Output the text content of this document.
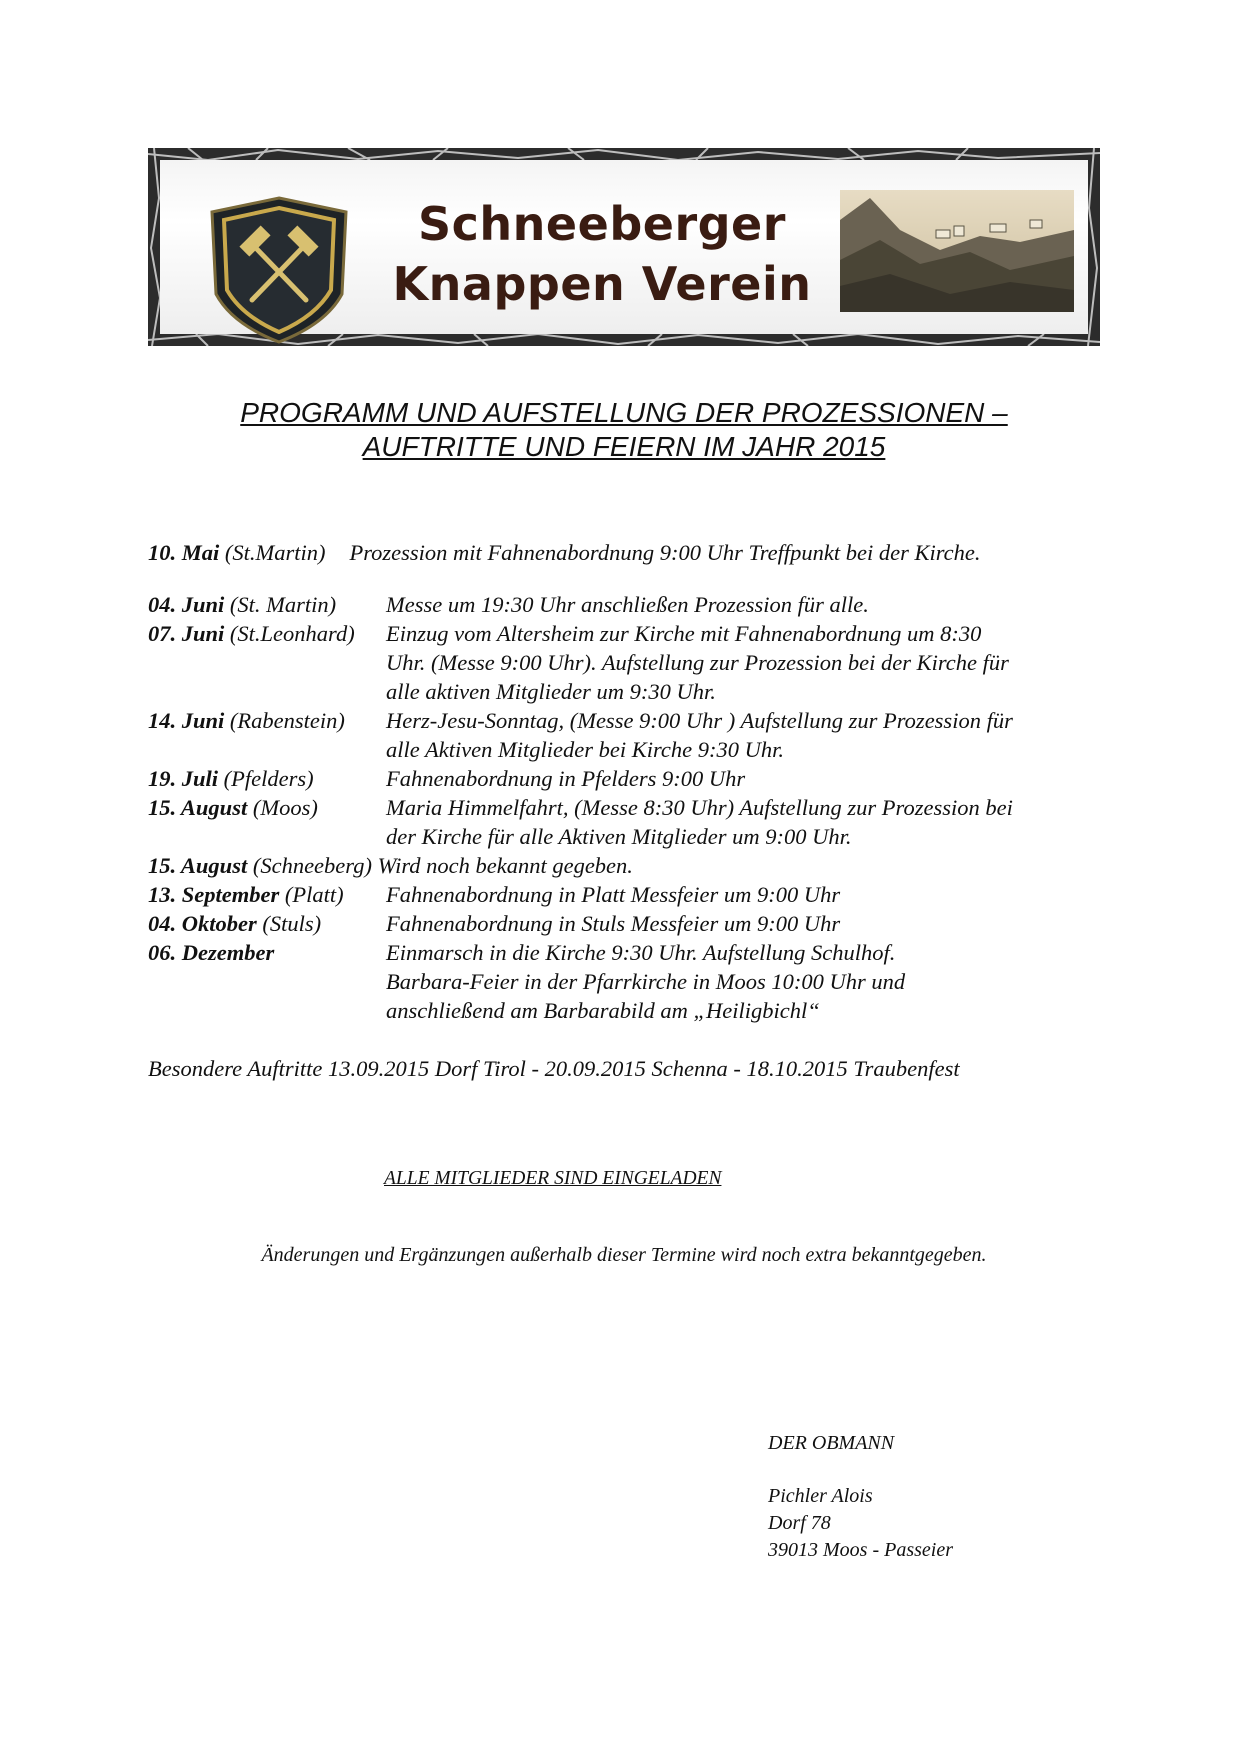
Schneeberger
Knappen Verein
PROGRAMM UND AUFSTELLUNG DER PROZESSIONEN –
AUFTRITTE UND FEIERN IM JAHR 2015
10. Mai (St.Martin) Prozession mit Fahnenabordnung 9:00 Uhr Treffpunkt bei der Kirche.
04. Juni (St. Martin)	Messe um 19:30 Uhr anschließen Prozession für alle.
07. Juni (St.Leonhard)	Einzug vom Altersheim zur Kirche mit Fahnenabordnung um 8:30
Uhr. (Messe 9:00 Uhr). Aufstellung zur Prozession bei der Kirche für
alle aktiven Mitglieder um 9:30 Uhr.
14. Juni (Rabenstein)	Herz-Jesu-Sonntag, (Messe 9:00 Uhr ) Aufstellung zur Prozession für
alle Aktiven Mitglieder bei Kirche 9:30 Uhr.
19. Juli (Pfelders)	Fahnenabordnung in Pfelders 9:00 Uhr
15. August (Moos)	Maria Himmelfahrt, (Messe 8:30 Uhr) Aufstellung zur Prozession bei
der Kirche für alle Aktiven Mitglieder um 9:00 Uhr.
15. August (Schneeberg) Wird noch bekannt gegeben.
13. September (Platt)	Fahnenabordnung in Platt Messfeier um 9:00 Uhr
04. Oktober (Stuls)	Fahnenabordnung in Stuls Messfeier um 9:00 Uhr
06. Dezember	Einmarsch in die Kirche 9:30 Uhr. Aufstellung Schulhof.
Barbara-Feier in der Pfarrkirche in Moos 10:00 Uhr und
anschließend am Barbarabild am „Heiligbichl“
Besondere Auftritte 13.09.2015 Dorf Tirol - 20.09.2015 Schenna - 18.10.2015 Traubenfest
ALLE MITGLIEDER SIND EINGELADEN
Änderungen und Ergänzungen außerhalb dieser Termine wird noch extra bekanntgegeben.
DER OBMANN
Pichler Alois
Dorf 78
39013 Moos - Passeier
